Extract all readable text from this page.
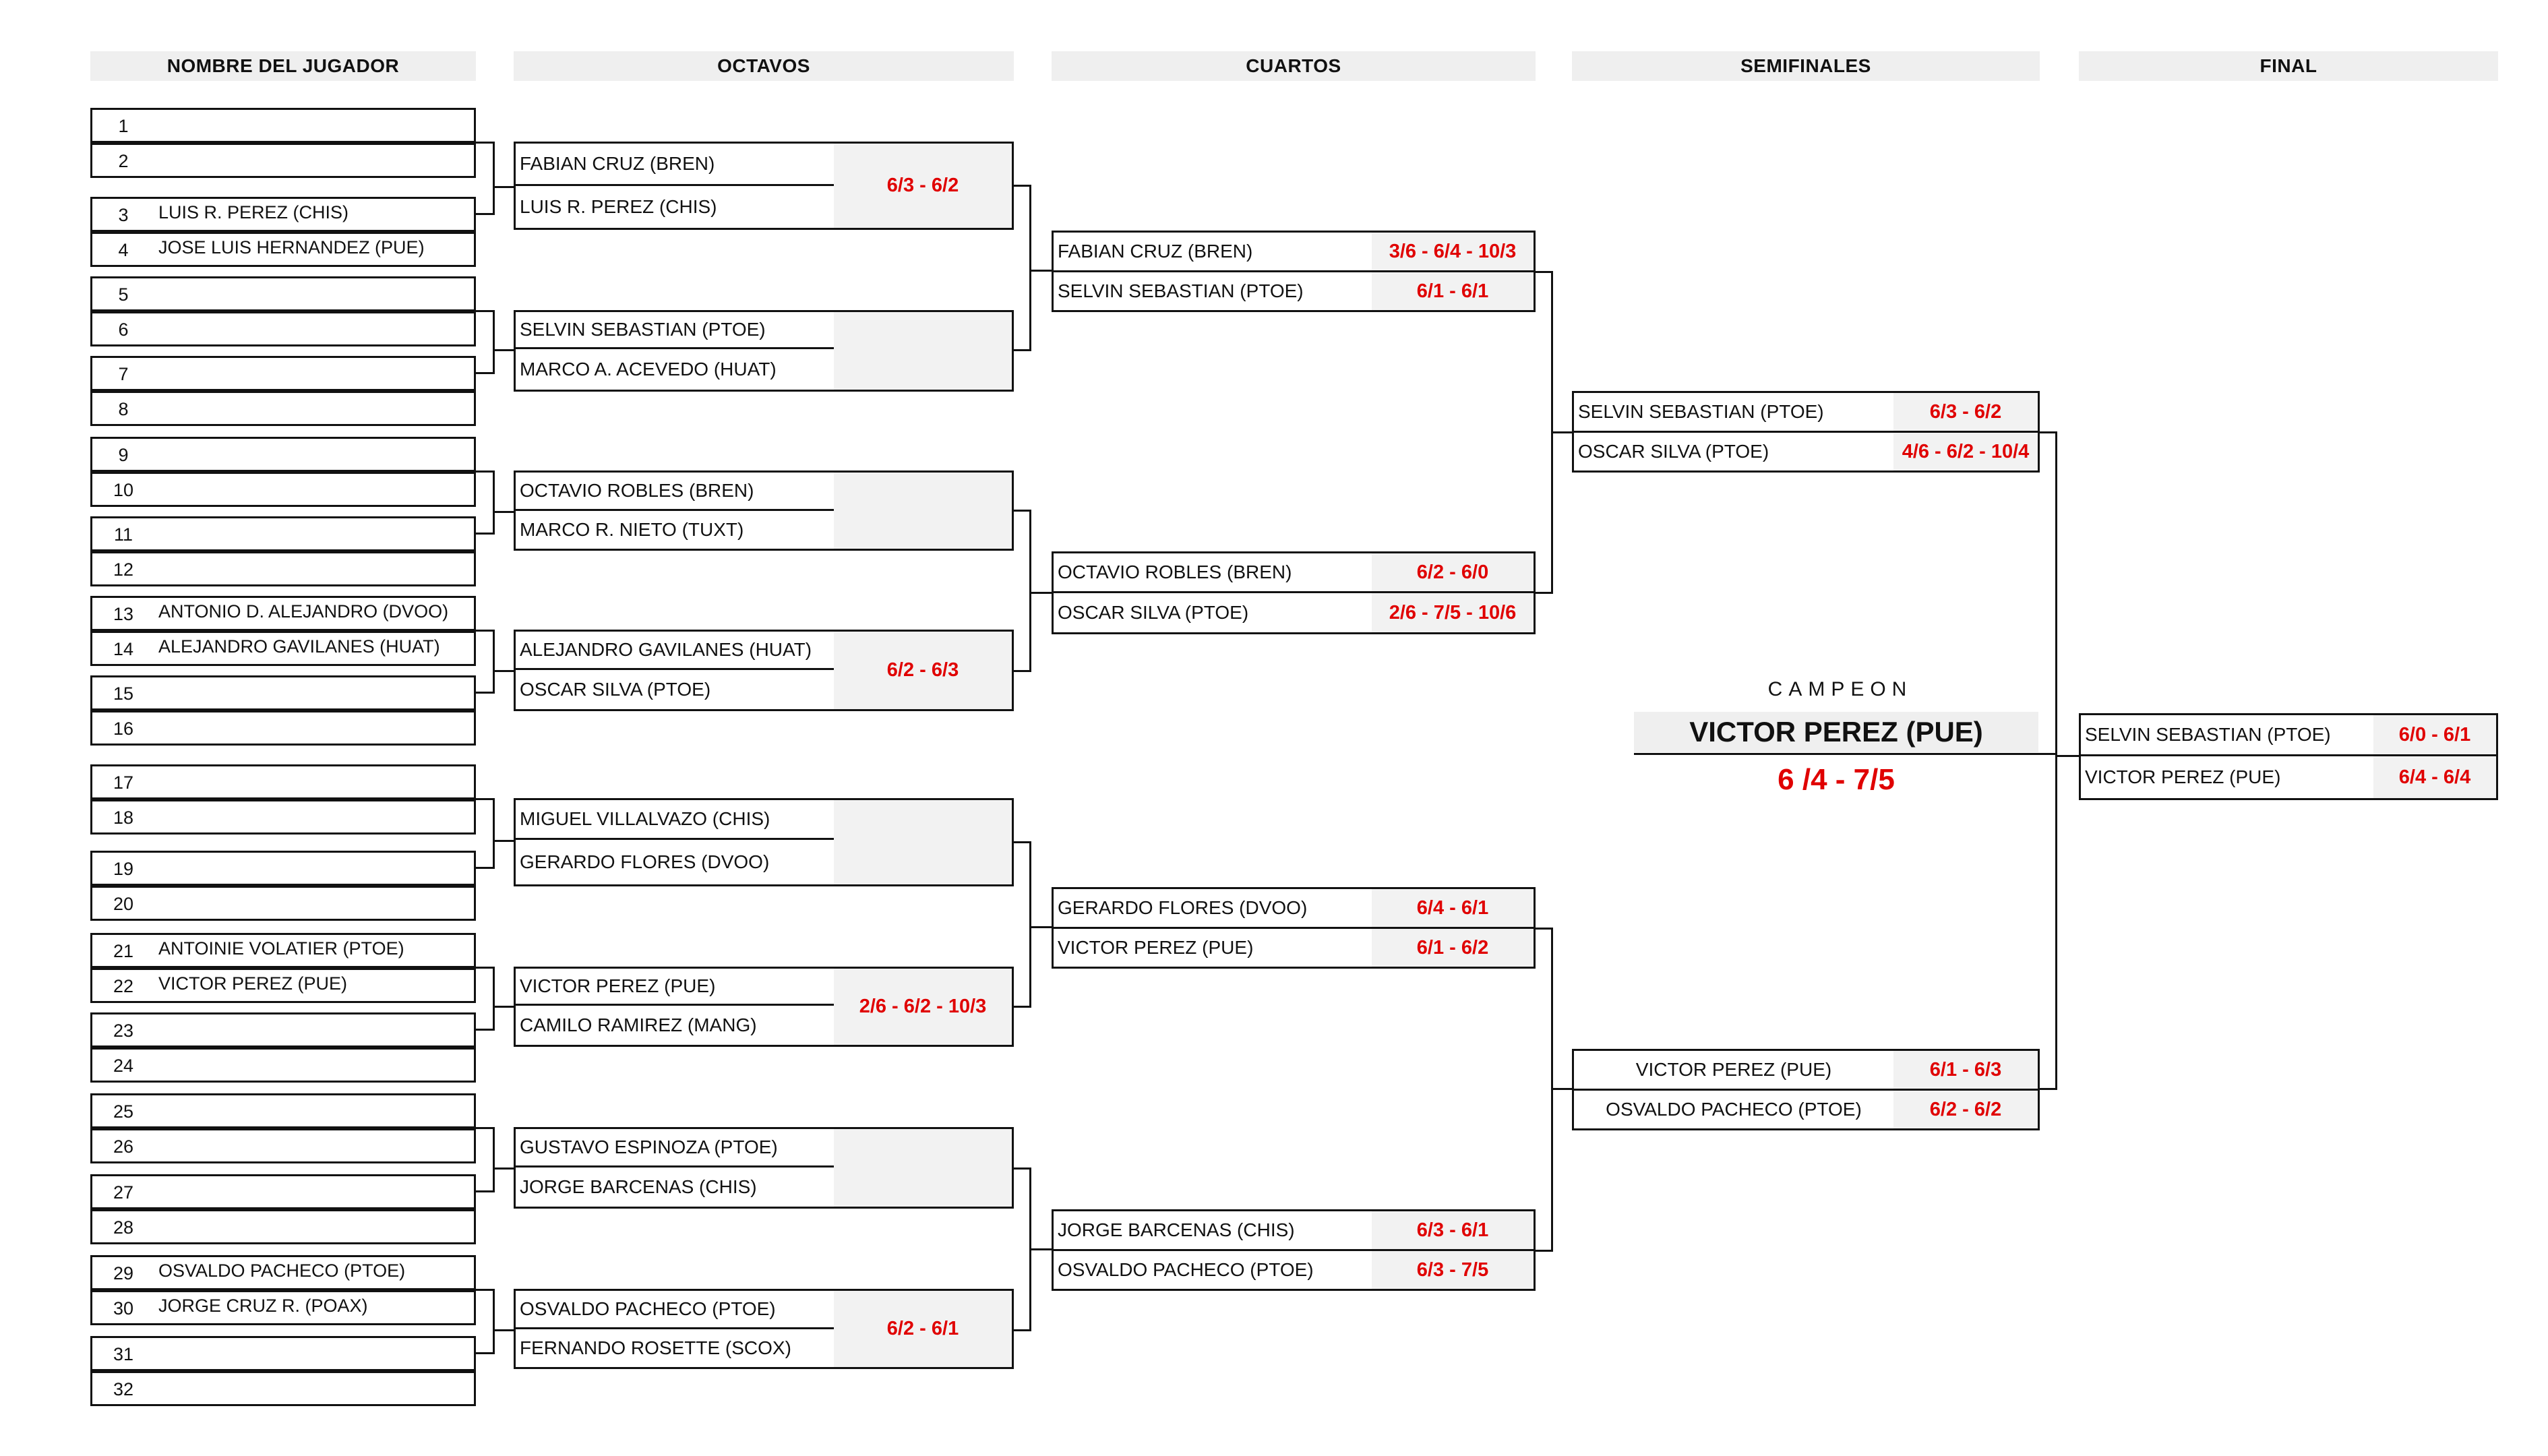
NOMBRE DEL JUGADOR	OCTAVOS	CUARTOS	SEMIFINALES	FINAL
1
2
3	LUIS R. PEREZ (CHIS)
4	JOSE LUIS HERNANDEZ (PUE)
5
6
7
8
9
10
11
12
13	ANTONIO D. ALEJANDRO (DVOO)
14	ALEJANDRO GAVILANES (HUAT)
15
16
17
18
19
20
21	ANTOINIE VOLATIER (PTOE)
22	VICTOR PEREZ (PUE)
23
24
25
26
27
28
29	OSVALDO PACHECO (PTOE)
30	JORGE CRUZ R. (POAX)
31
32
FABIAN CRUZ (BREN)
LUIS R. PEREZ (CHIS)
6/3 - 6/2
SELVIN SEBASTIAN (PTOE)
MARCO A. ACEVEDO (HUAT)
OCTAVIO ROBLES (BREN)
MARCO R. NIETO (TUXT)
ALEJANDRO GAVILANES (HUAT)
OSCAR SILVA (PTOE)
6/2 - 6/3
MIGUEL VILLALVAZO (CHIS)
GERARDO FLORES (DVOO)
VICTOR PEREZ (PUE)
CAMILO RAMIREZ (MANG)
2/6 - 6/2 - 10/3
GUSTAVO ESPINOZA (PTOE)
JORGE BARCENAS (CHIS)
OSVALDO PACHECO (PTOE)
FERNANDO ROSETTE (SCOX)
6/2 - 6/1
FABIAN CRUZ (BREN)	3/6 - 6/4 - 10/3
SELVIN SEBASTIAN (PTOE)	6/1 - 6/1
OCTAVIO ROBLES (BREN)	6/2 - 6/0
OSCAR SILVA (PTOE)	2/6 - 7/5 - 10/6
GERARDO FLORES (DVOO)	6/4 - 6/1
VICTOR PEREZ (PUE)	6/1 - 6/2
JORGE BARCENAS (CHIS)	6/3 - 6/1
OSVALDO PACHECO (PTOE)	6/3 - 7/5
SELVIN SEBASTIAN (PTOE)	6/3 - 6/2
OSCAR SILVA (PTOE)	4/6 - 6/2 - 10/4
VICTOR PEREZ (PUE)	6/1 - 6/3
OSVALDO PACHECO (PTOE)	6/2 - 6/2
SELVIN SEBASTIAN (PTOE)	6/0 - 6/1
VICTOR PEREZ (PUE)	6/4 - 6/4
CAMPEON
VICTOR PEREZ (PUE)
6 /4 - 7/5
